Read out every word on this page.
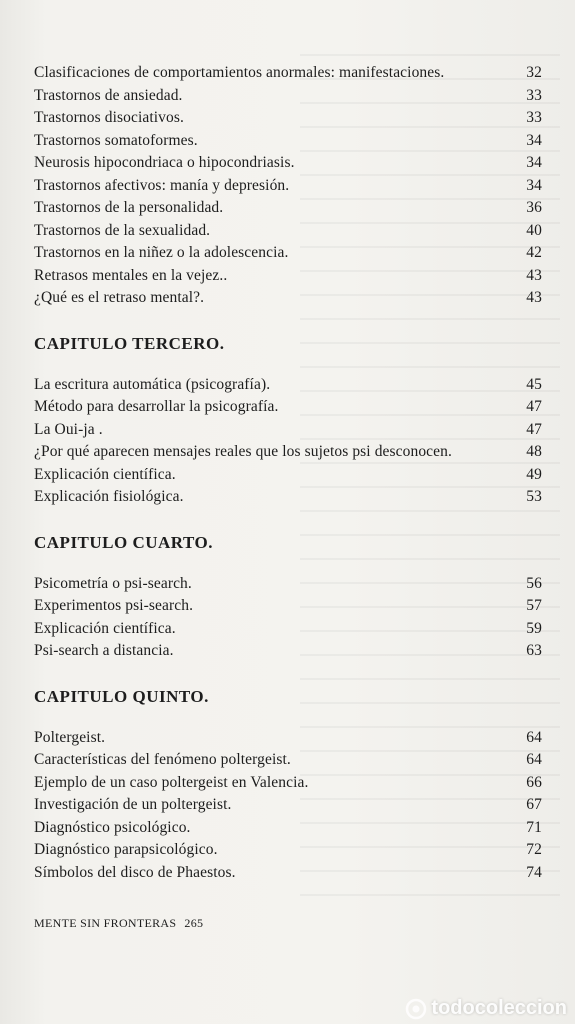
Clasificaciones de comportamientos anormales: manifestaciones.	32
Trastornos de ansiedad.	33
Trastornos disociativos.	33
Trastornos somatoformes.	34
Neurosis hipocondriaca o hipocondriasis.	34
Trastornos afectivos: manía y depresión.	34
Trastornos de la personalidad.	36
Trastornos de la sexualidad.	40
Trastornos en la niñez o la adolescencia.	42
Retrasos mentales en la vejez..	43
¿Qué es el retraso mental?.	43
CAPITULO TERCERO.
La escritura automática (psicografía).	45
Método para desarrollar la psicografía.	47
La Oui-ja .	47
¿Por qué aparecen mensajes reales que los sujetos psi desconocen.	48
Explicación científica.	49
Explicación fisiológica.	53
CAPITULO CUARTO.
Psicometría o psi-search.	56
Experimentos psi-search.	57
Explicación científica.	59
Psi-search a distancia.	63
CAPITULO QUINTO.
Poltergeist.	64
Características del fenómeno poltergeist.	64
Ejemplo de un caso poltergeist en Valencia.	66
Investigación de un poltergeist.	67
Diagnóstico psicológico.	71
Diagnóstico parapsicológico.	72
Símbolos del disco de Phaestos.	74
MENTE SIN FRONTERAS 265
todocoleccion
